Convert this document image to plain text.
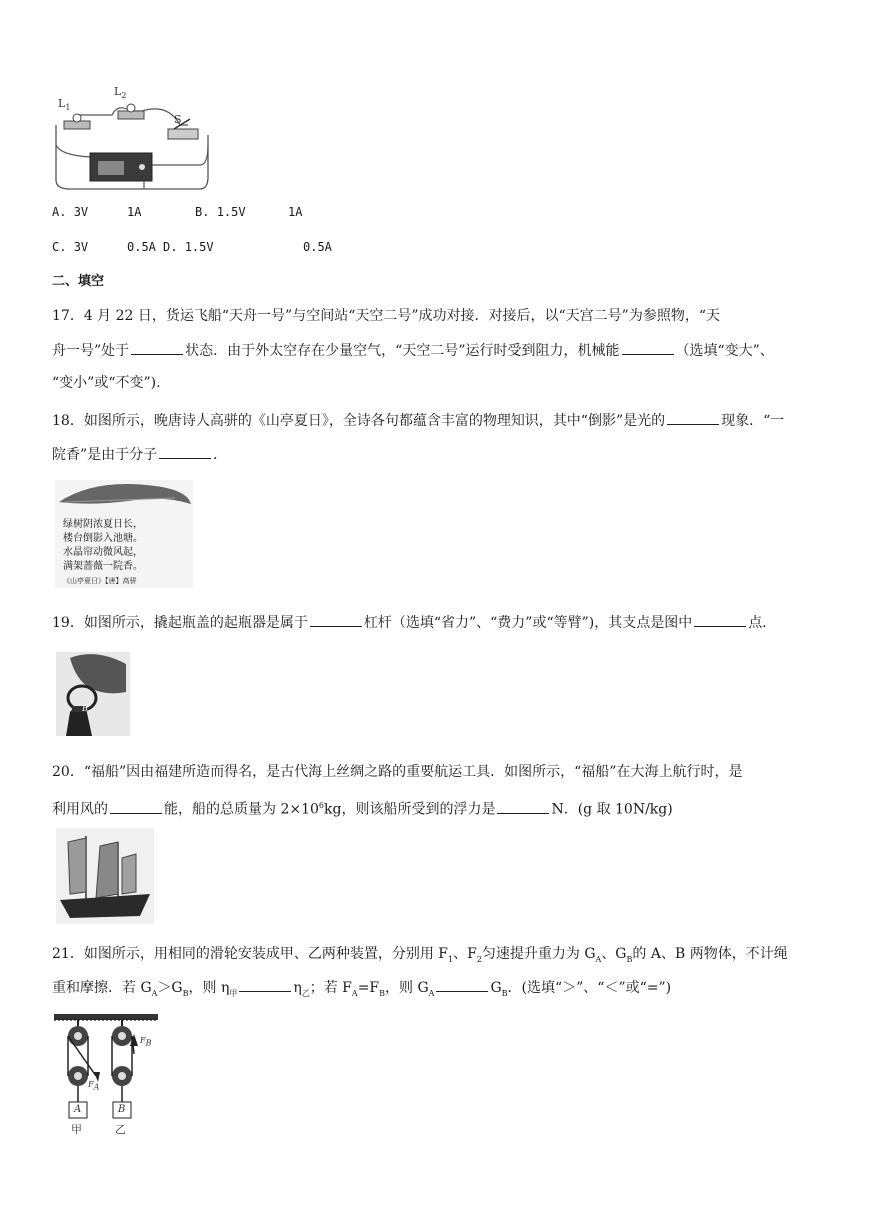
$L_1$
$L_2$
S
A. 3V	1A	B. 1.5V	1A
C. 3V	0.5A D. 1.5V	0.5A
二、填空
17．4 月 22 日，货运飞船“天舟一号”与空间站“天空二号”成功对接．对接后，以“天宫二号”为参照物，“天
舟一号”处于	状态．由于外太空存在少量空气，“天空二号”运行时受到阻力，机械能	（选填“变大”、
“变小”或“不变”).
18．如图所示，晚唐诗人高骈的《山亭夏日》，全诗各句都蕴含丰富的物理知识，其中“倒影”是光的	现象．“一
院香”是由于分子	．
绿树阴浓夏日长，
楼台倒影入池塘。
水晶帘动微风起，
满架蔷薇一院香。
《山亭夏日》【唐】高骈
19．如图所示，撬起瓶盖的起瓶器是属于	杠杆（选填“省力”、“费力”或“等臂”)，其支点是图中	点．
B
20．“福船”因由福建所造而得名，是古代海上丝绸之路的重要航运工具．如图所示，“福船”在大海上航行时，是
利用风的	能，船的总质量为 $2\times 10^6kg$，则该船所受到的浮力是	N．(g 取 10N/kg)
21．如图所示，用相同的滑轮安装成甲、乙两种装置，分别用 $F_1$、$F_2$匀速提升重力为 $G_A$、$G_B$的 A、B 两物体，不计绳
重和摩擦．若 $G_A>G_B$，则 $\eta_甲$	$\eta_乙$；若 $F_A=F_B$，则 $G_A$	$G_B$．(选填“＞”、“＜”或“=”)
$F_A$
$F_B$
A	B
甲	乙
